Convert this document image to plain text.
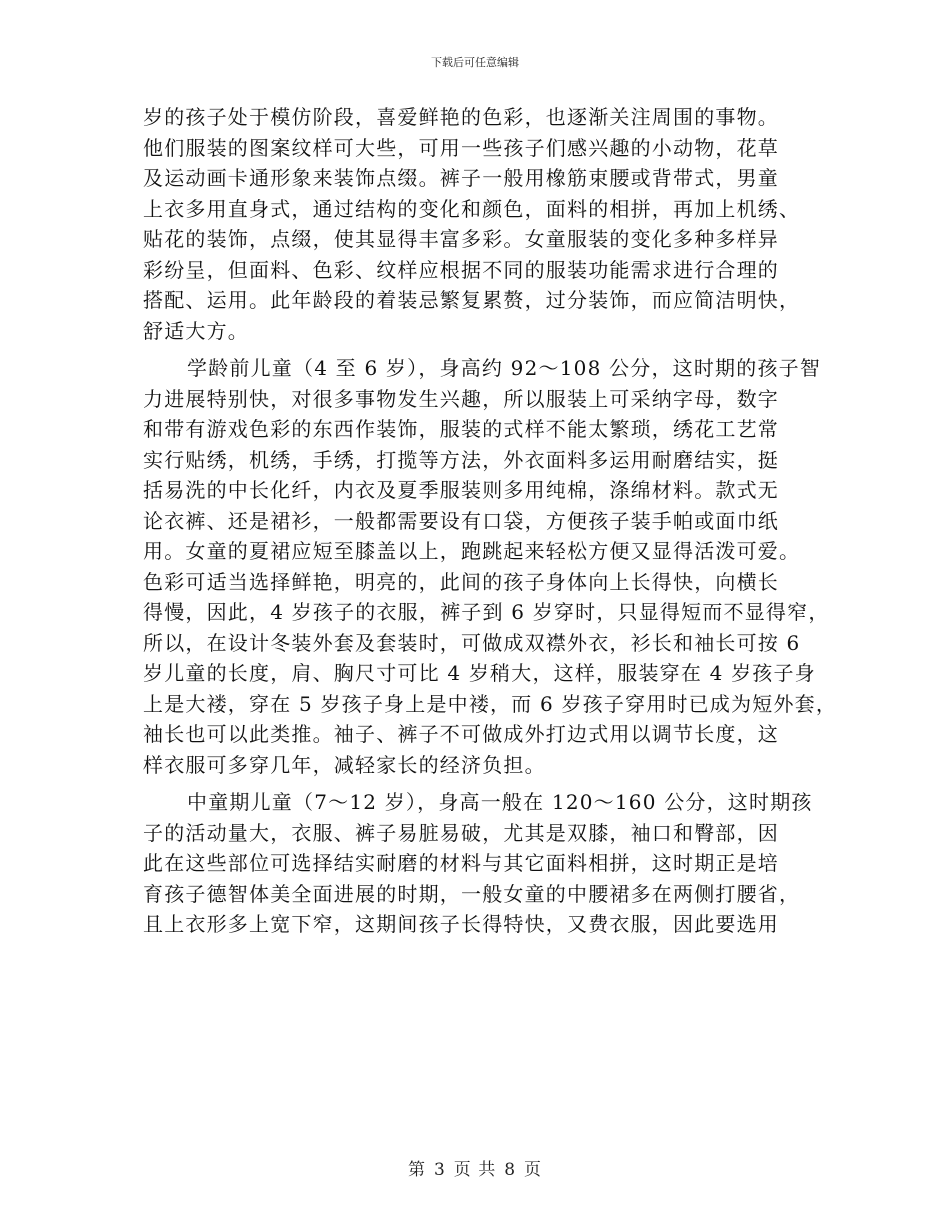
下载后可任意编辑
岁的孩子处于模仿阶段，喜爱鲜艳的色彩，也逐渐关注周围的事物。
他们服装的图案纹样可大些，可用一些孩子们感兴趣的小动物，花草
及运动画卡通形象来装饰点缀。裤子一般用橡筋束腰或背带式，男童
上衣多用直身式，通过结构的变化和颜色，面料的相拼，再加上机绣、
贴花的装饰，点缀，使其显得丰富多彩。女童服装的变化多种多样异
彩纷呈，但面料、色彩、纹样应根据不同的服装功能需求进行合理的
搭配、运用。此年龄段的着装忌繁复累赘，过分装饰，而应简洁明快，
舒适大方。
学龄前儿童（4 至 6 岁），身高约 92～108 公分，这时期的孩子智
力进展特别快，对很多事物发生兴趣，所以服装上可采纳字母，数字
和带有游戏色彩的东西作装饰，服装的式样不能太繁琐，绣花工艺常
实行贴绣，机绣，手绣，打揽等方法，外衣面料多运用耐磨结实，挺
括易洗的中长化纤，内衣及夏季服装则多用纯棉，涤绵材料。款式无
论衣裤、还是裙衫，一般都需要设有口袋，方便孩子装手帕或面巾纸
用。女童的夏裙应短至膝盖以上，跑跳起来轻松方便又显得活泼可爱。
色彩可适当选择鲜艳，明亮的，此间的孩子身体向上长得快，向横长
得慢，因此，4 岁孩子的衣服，裤子到 6 岁穿时，只显得短而不显得窄，
所以，在设计冬装外套及套装时，可做成双襟外衣，衫长和袖长可按 6
岁儿童的长度，肩、胸尺寸可比 4 岁稍大，这样，服装穿在 4 岁孩子身
上是大褛，穿在 5 岁孩子身上是中褛，而 6 岁孩子穿用时已成为短外套，
袖长也可以此类推。袖子、裤子不可做成外打边式用以调节长度，这
样衣服可多穿几年，减轻家长的经济负担。
中童期儿童（7～12 岁），身高一般在 120～160 公分，这时期孩
子的活动量大，衣服、裤子易脏易破，尤其是双膝，袖口和臀部，因
此在这些部位可选择结实耐磨的材料与其它面料相拼，这时期正是培
育孩子德智体美全面进展的时期，一般女童的中腰裙多在两侧打腰省，
且上衣形多上宽下窄，这期间孩子长得特快，又费衣服，因此要选用
第 3 页 共 8 页
